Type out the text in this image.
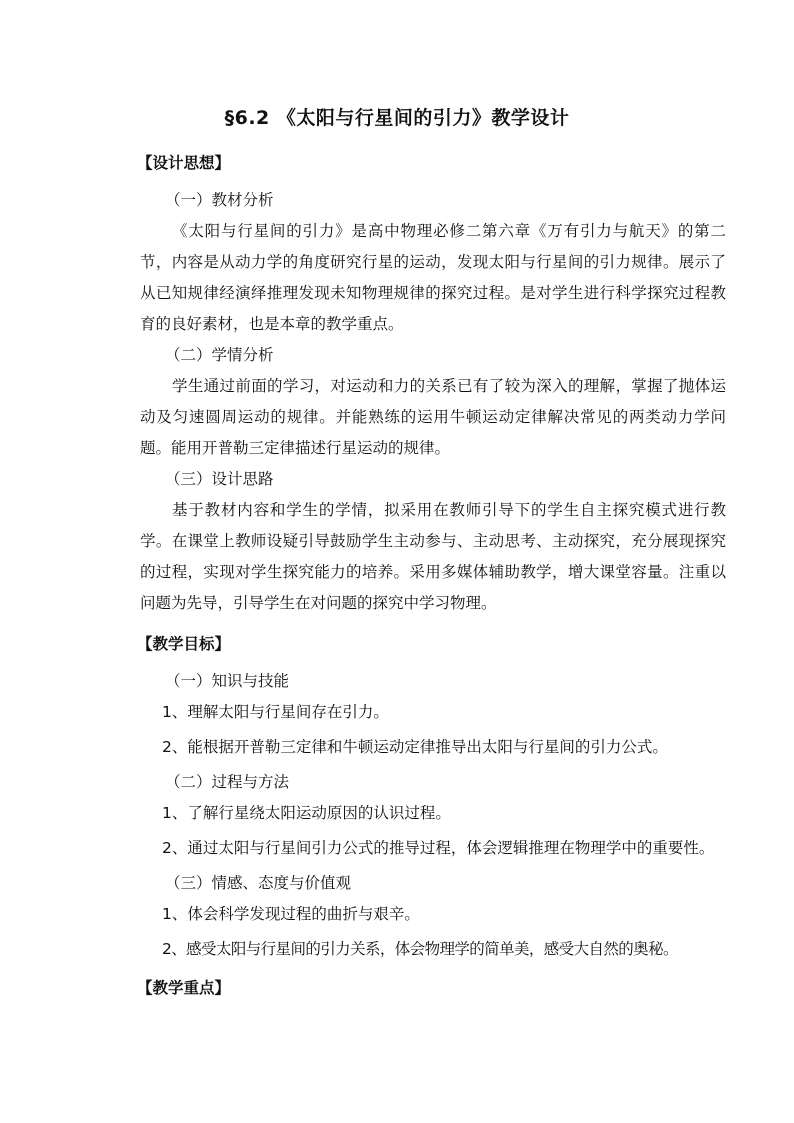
§6.2 《太阳与行星间的引力》教学设计
【设计思想】
（一）教材分析

《太阳与行星间的引力》是高中物理必修二第六章《万有引力与航天》的第二节，内容是从动力学的角度研究行星的运动，发现太阳与行星间的引力规律。展示了从已知规律经演绎推理发现未知物理规律的探究过程。是对学生进行科学探究过程教育的良好素材，也是本章的教学重点。

（二）学情分析

学生通过前面的学习，对运动和力的关系已有了较为深入的理解，掌握了抛体运动及匀速圆周运动的规律。并能熟练的运用牛顿运动定律解决常见的两类动力学问题。能用开普勒三定律描述行星运动的规律。

（三）设计思路

基于教材内容和学生的学情，拟采用在教师引导下的学生自主探究模式进行教学。在课堂上教师设疑引导鼓励学生主动参与、主动思考、主动探究，充分展现探究的过程，实现对学生探究能力的培养。采用多媒体辅助教学，增大课堂容量。注重以问题为先导，引导学生在对问题的探究中学习物理。

【教学目标】
（一）知识与技能

1、理解太阳与行星间存在引力。

2、能根据开普勒三定律和牛顿运动定律推导出太阳与行星间的引力公式。

（二）过程与方法

1、了解行星绕太阳运动原因的认识过程。

2、通过太阳与行星间引力公式的推导过程，体会逻辑推理在物理学中的重要性。

（三）情感、态度与价值观

1、体会科学发现过程的曲折与艰辛。

2、感受太阳与行星间的引力关系，体会物理学的简单美，感受大自然的奥秘。

【教学重点】
